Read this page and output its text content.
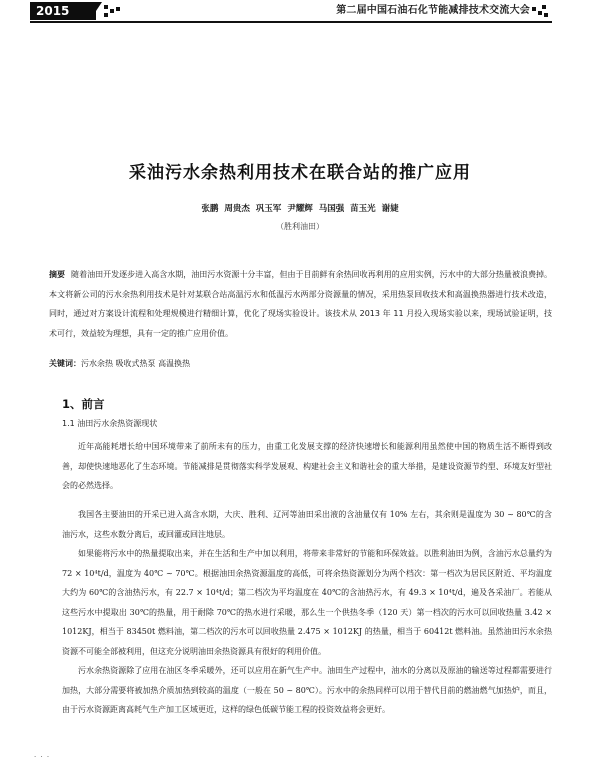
2015	第二届中国石油石化节能减排技术交流大会
采油污水余热利用技术在联合站的推广应用
张鹏 周贵杰 巩玉军 尹耀辉 马国强 苗玉光 谢婕
（胜利油田）

摘要 随着油田开发逐步进入高含水期，油田污水资源十分丰富，但由于目前鲜有余热回收再利用的应用实例，污水中的大部分热量被浪费掉。本文将新公司的污水余热利用技术是针对某联合站高温污水和低温污水两部分资源量的情况，采用热泵回收技术和高温换热器进行技术改造，同时，通过对方案设计流程和处理规模进行精细计算，优化了现场实验设计。该技术从 2013 年 11 月投入现场实验以来，现场试验证明，技术可行，效益较为理想，具有一定的推广应用价值。

关键词：污水余热 吸收式热泵 高温换热

1、前言
1.1 油田污水余热资源现状

近年高能耗增长给中国环境带来了前所未有的压力，由重工化发展支撑的经济快速增长和能源利用虽然使中国的物质生活不断得到改善，却使快速地恶化了生态环境。节能减排是贯彻落实科学发展观、构建社会主义和谐社会的重大举措，是建设资源节约型、环境友好型社会的必然选择。

我国各主要油田的开采已进入高含水期，大庆、胜利、辽河等油田采出液的含油量仅有 10% 左右，其余则是温度为 30 ~ 80℃的含油污水，这些水数分离后，或回灌或回注地层。

如果能将污水中的热量提取出来，并在生活和生产中加以利用，将带来非常好的节能和环保效益。以胜利油田为例，含油污水总量约为 72 × 10⁴t/d，温度为 40℃ ~ 70℃。根据油田余热资源温度的高低，可将余热资源划分为两个档次：第一档次为居民区附近、平均温度大约为 60℃的含油热污水，有 22.7 × 10⁴t/d；第二档次为平均温度在 40℃的含油热污水，有 49.3 × 10⁴t/d，遍及各采油厂。若能从这些污水中提取出 30℃的热量，用于耐除 70℃的热水进行采暖，那么生一个供热冬季（120 天）第一档次的污水可以回收热量 3.42 × 1012KJ，相当于 83450t 燃料油，第二档次的污水可以回收热量 2.475 × 1012KJ 的热量，相当于 60412t 燃料油。虽然油田污水余热资源不可能全部被利用，但这充分说明油田余热资源具有很好的利用价值。

污水余热资源除了应用在油区冬季采暖外，还可以应用在新气生产中。油田生产过程中，油水的分离以及原油的输送等过程都需要进行加热，大部分需要将被加热介质加热到较高的温度（一般在 50 ~ 80℃）。污水中的余热同样可以用于替代目前的燃油燃气加热炉，而且，由于污水资源距离高耗气生产加工区域更近，这样的绿色低碳节能工程的投资效益将会更好。

· · ·
